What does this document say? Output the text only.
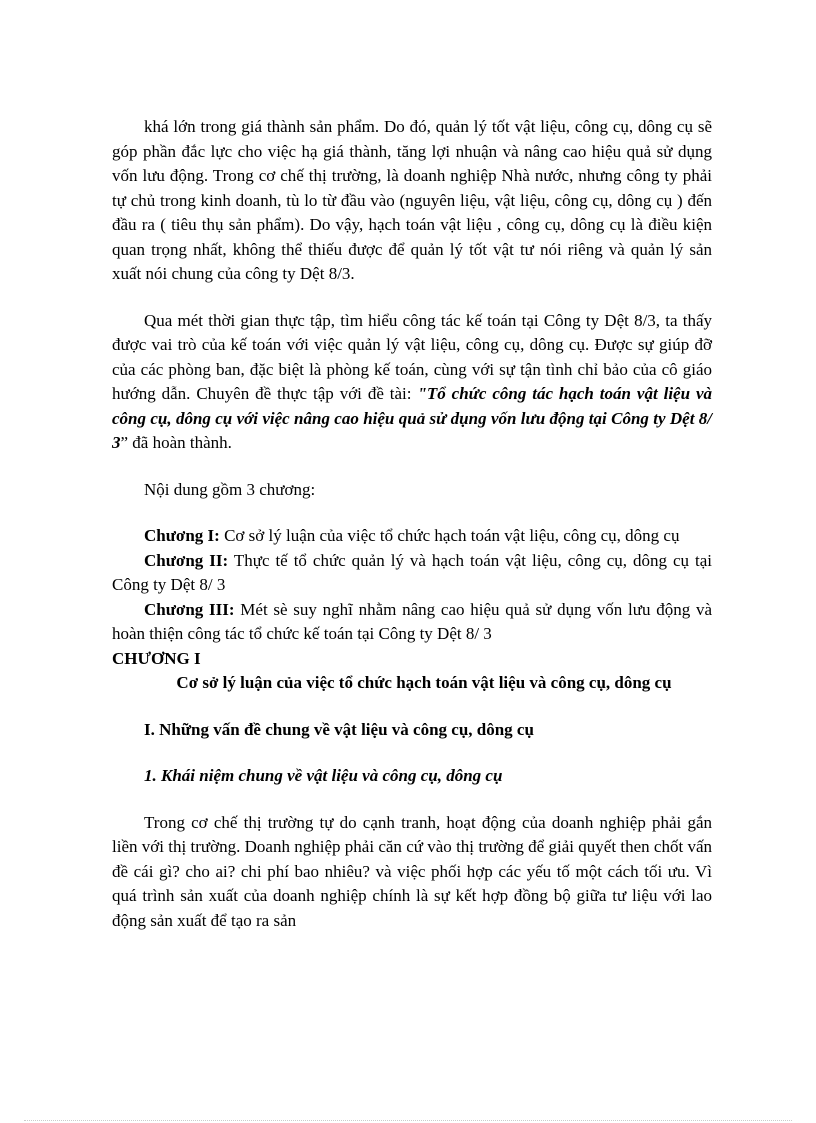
khá lớn trong giá thành sản phẩm. Do đó, quản lý tốt vật liệu, công cụ, dông cụ sẽ góp phần đắc lực cho việc hạ giá thành, tăng lợi nhuận và nâng cao hiệu quả sử dụng vốn lưu động. Trong cơ chế thị trường, là doanh nghiệp Nhà nước, nhưng công ty phải tự chủ trong kinh doanh, tù lo từ đầu vào (nguyên liệu, vật liệu, công cụ, dông cụ ) đến đầu ra ( tiêu thụ sản phẩm). Do vậy, hạch toán vật liệu , công cụ, dông cụ là điều kiện quan trọng nhất, không thể thiếu được để quản lý tốt vật tư nói riêng và quản lý sản xuất nói chung của công ty Dệt 8/3.

Qua mét thời gian thực tập, tìm hiểu công tác kế toán tại Công ty Dệt 8/3, ta thấy được vai trò của kế toán với việc quản lý vật liệu, công cụ, dông cụ. Được sự giúp đỡ của các phòng ban, đặc biệt là phòng kế toán, cùng với sự tận tình chỉ bảo của cô giáo hướng dẫn. Chuyên đề thực tập với đề tài: "Tổ chức công tác hạch toán vật liệu và công cụ, dông cụ với việc nâng cao hiệu quả sử dụng vốn lưu động tại Công ty Dệt 8/ 3” đã hoàn thành.

Nội dung gồm 3 chương:

Chương I: Cơ sở lý luận của việc tổ chức hạch toán vật liệu, công cụ, dông cụ

Chương II: Thực tế tổ chức quản lý và hạch toán vật liệu, công cụ, dông cụ tại Công ty Dệt 8/ 3

Chương III: Mét sè suy nghĩ nhằm nâng cao hiệu quả sử dụng vốn lưu động và hoàn thiện công tác tổ chức kế toán tại Công ty Dệt 8/ 3

CHƯƠNG I

Cơ sở lý luận của việc tổ chức hạch toán vật liệu và công cụ, dông cụ

I. Những vấn đề chung về vật liệu và công cụ, dông cụ

1. Khái niệm chung về vật liệu và công cụ, dông cụ

Trong cơ chế thị trường tự do cạnh tranh, hoạt động của doanh nghiệp phải gắn liền với thị trường. Doanh nghiệp phải căn cứ vào thị trường để giải quyết then chốt vấn đề cái gì? cho ai? chi phí bao nhiêu? và việc phối hợp các yếu tố một cách tối ưu. Vì quá trình sản xuất của doanh nghiệp chính là sự kết hợp đồng bộ giữa tư liệu với lao động sản xuất để tạo ra sản
